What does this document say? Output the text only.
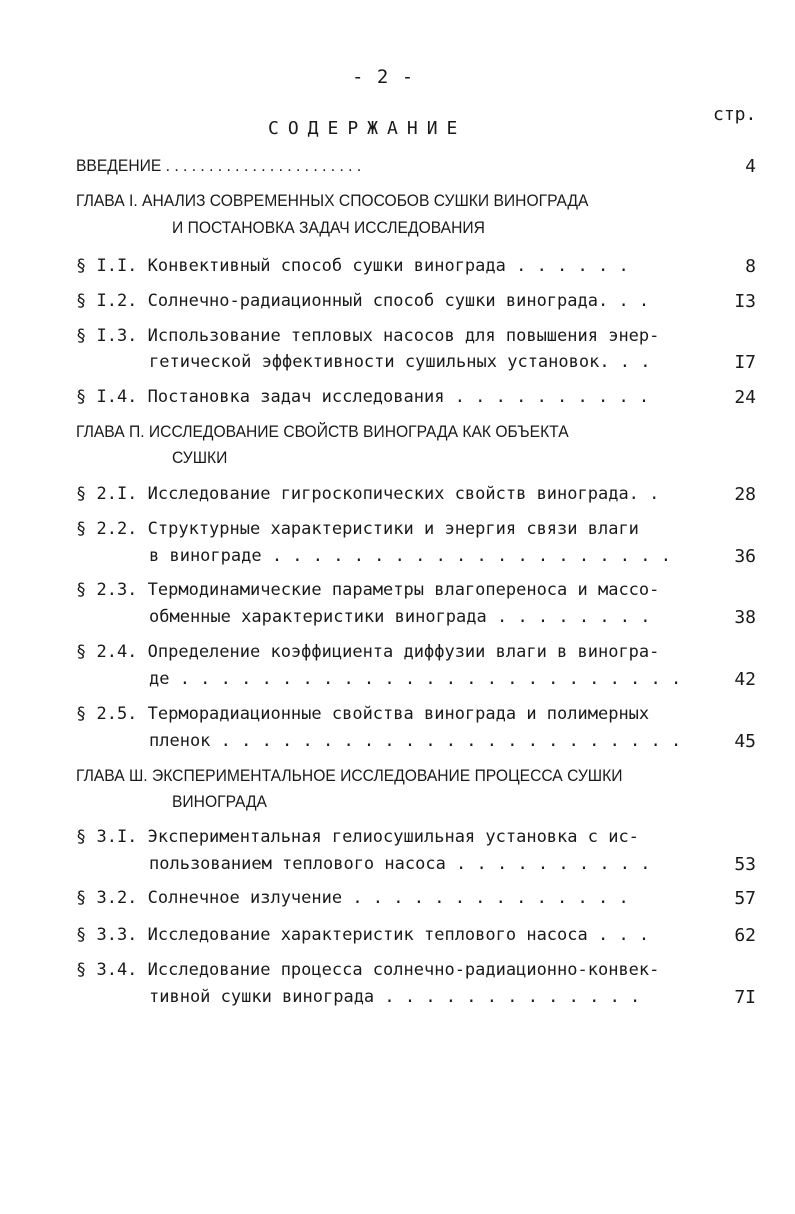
- 2 -
стр.
СОДЕРЖАНИЕ
ВВЕДЕНИЕ . . . . . . . . . . . . . . . . . . . . . . .	4
ГЛАВА I. АНАЛИЗ СОВРЕМЕННЫХ СПОСОБОВ СУШКИ ВИНОГРАДА
И ПОСТАНОВКА ЗАДАЧ ИССЛЕДОВАНИЯ
§ I.I. Конвективный способ сушки винограда . . . . . .	8
§ I.2. Солнечно-радиационный способ сушки винограда. . .	I3
§ I.3. Использование тепловых насосов для повышения энер-
гетической эффективности сушильных установок. . .	I7
§ I.4. Постановка задач исследования . . . . . . . . . .	24
ГЛАВА П. ИССЛЕДОВАНИЕ СВОЙСТВ ВИНОГРАДА КАК ОБЪЕКТА
СУШКИ
§ 2.I. Исследование гигроскопических свойств винограда. .	28
§ 2.2. Структурные характеристики и энергия связи влаги
в винограде . . . . . . . . . . . . . . . . . . . .	36
§ 2.3. Термодинамические параметры влагопереноса и массо-
обменные характеристики винограда . . . . . . . .	38
§ 2.4. Определение коэффициента диффузии влаги в виногра-
де . . . . . . . . . . . . . . . . . . . . . . . . .	42
§ 2.5. Терморадиационные свойства винограда и полимерных
пленок . . . . . . . . . . . . . . . . . . . . . . .	45
ГЛАВА Ш. ЭКСПЕРИМЕНТАЛЬНОЕ ИССЛЕДОВАНИЕ ПРОЦЕССА СУШКИ
ВИНОГРАДА
§ 3.I. Экспериментальная гелиосушильная установка с ис-
пользованием теплового насоса . . . . . . . . . .	53
§ 3.2. Солнечное излучение . . . . . . . . . . . . . .	57
§ 3.3. Исследование характеристик теплового насоса . . .	62
§ 3.4. Исследование процесса солнечно-радиационно-конвек-
тивной сушки винограда . . . . . . . . . . . . .	7I
